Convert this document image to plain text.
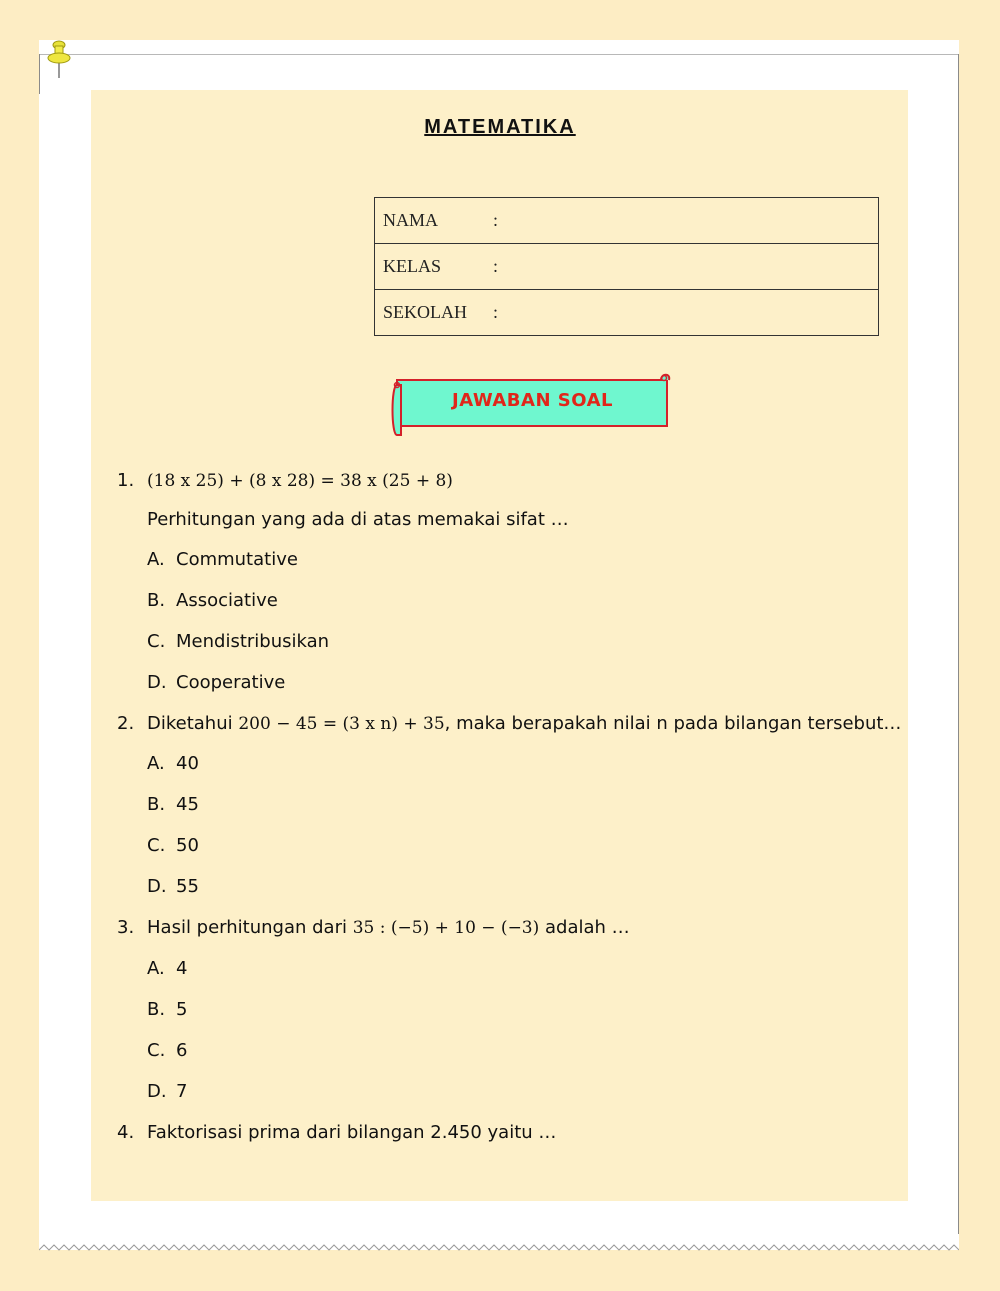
MATEMATIKA
NAMA	:
KELAS	:
SEKOLAH	:
JAWABAN SOAL
1. (18 x 25) + (8 x 28) = 38 x (25 + 8)
Perhitungan yang ada di atas memakai sifat …
A. Commutative
B. Associative
C. Mendistribusikan
D. Cooperative
2. Diketahui 200 − 45 = (3 x n) + 35, maka berapakah nilai n pada bilangan tersebut…
A. 40
B. 45
C. 50
D. 55
3. Hasil perhitungan dari 35 : (−5) + 10 − (−3) adalah …
A. 4
B. 5
C. 6
D. 7
4. Faktorisasi prima dari bilangan 2.450 yaitu …
